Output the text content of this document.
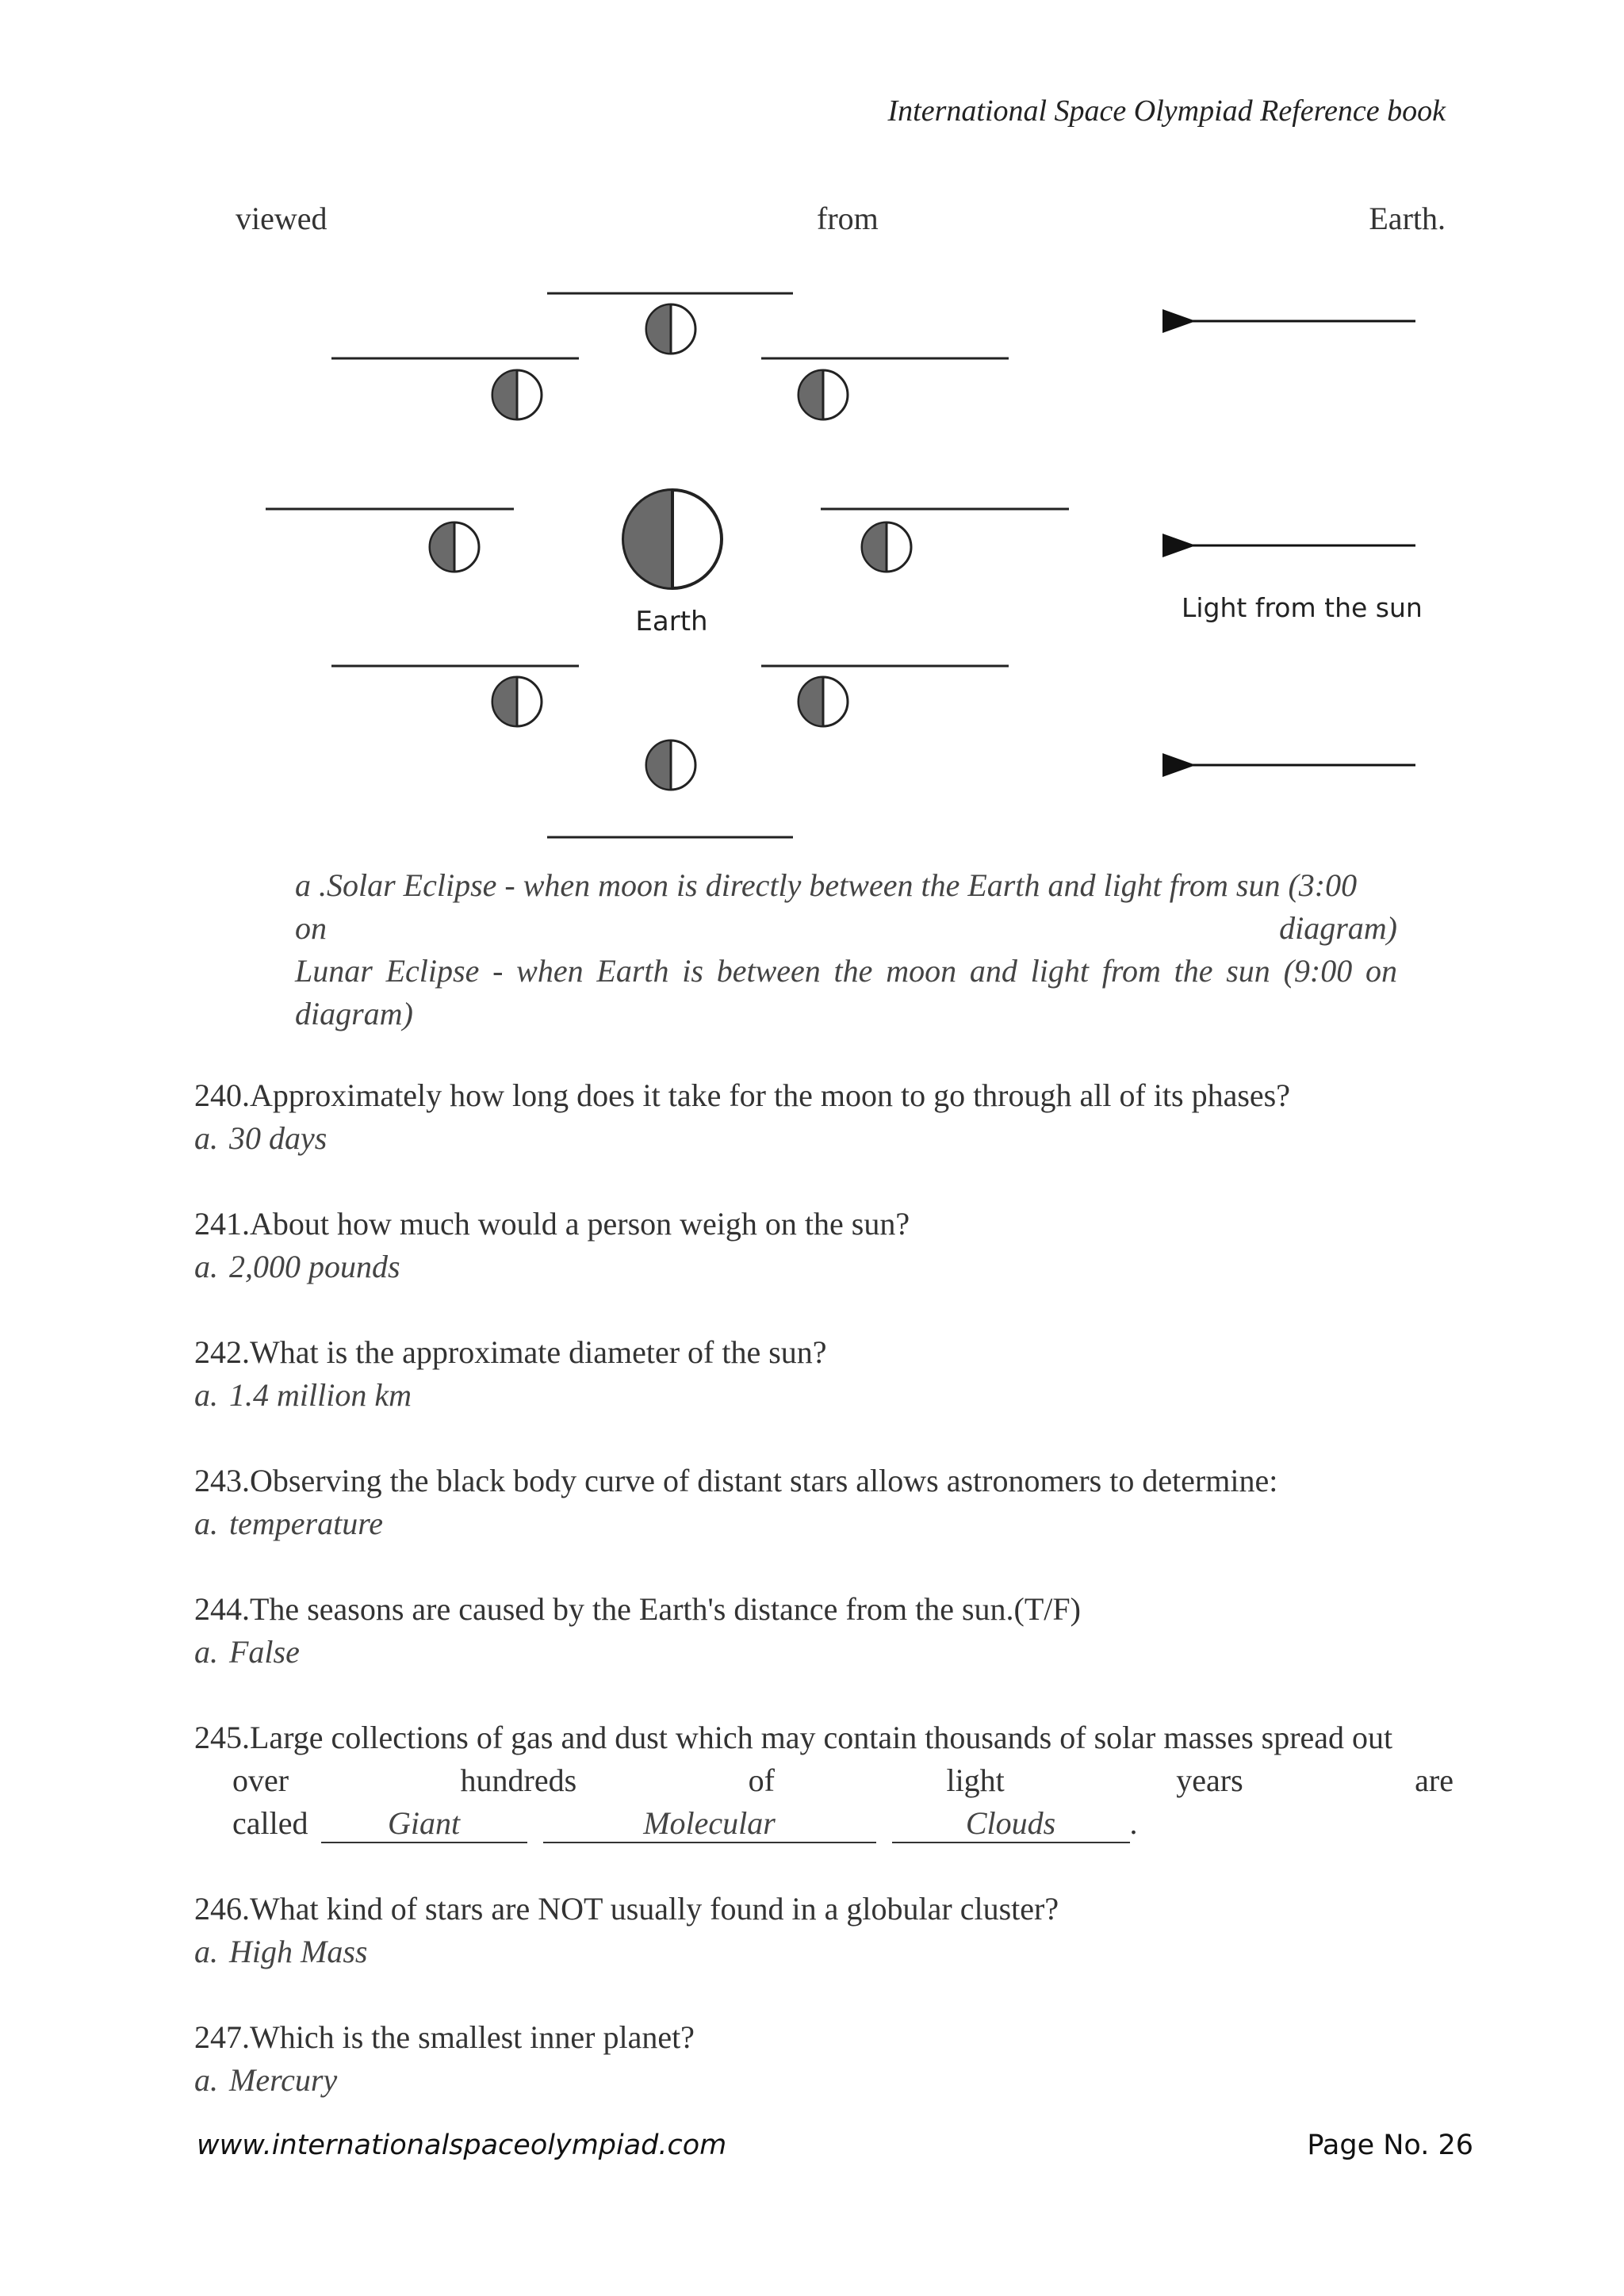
International Space Olympiad Reference book
viewed	from	Earth.
Earth	Light from the sun
a .Solar Eclipse - when moon is directly between the Earth and light from sun (3:00
on	diagram)
Lunar Eclipse - when Earth is between the moon and light from the sun (9:00 on
diagram)
240.Approximately how long does it take for the moon to go through all of its phases?
a. 30 days
241.About how much would a person weigh on the sun?
a. 2,000 pounds
242.What is the approximate diameter of the sun?
a. 1.4 million km
243.Observing the black body curve of distant stars allows astronomers to determine:
a. temperature
244.The seasons are caused by the Earth's distance from the sun.(T/F)
a. False
245.Large collections of gas and dust which may contain thousands of solar masses spread out
over	hundreds	of	light	years	are
called	Giant	Molecular	Clouds .
246.What kind of stars are NOT usually found in a globular cluster?
a. High Mass
247.Which is the smallest inner planet?
a. Mercury
www.internationalspaceolympiad.com	Page No. 26
